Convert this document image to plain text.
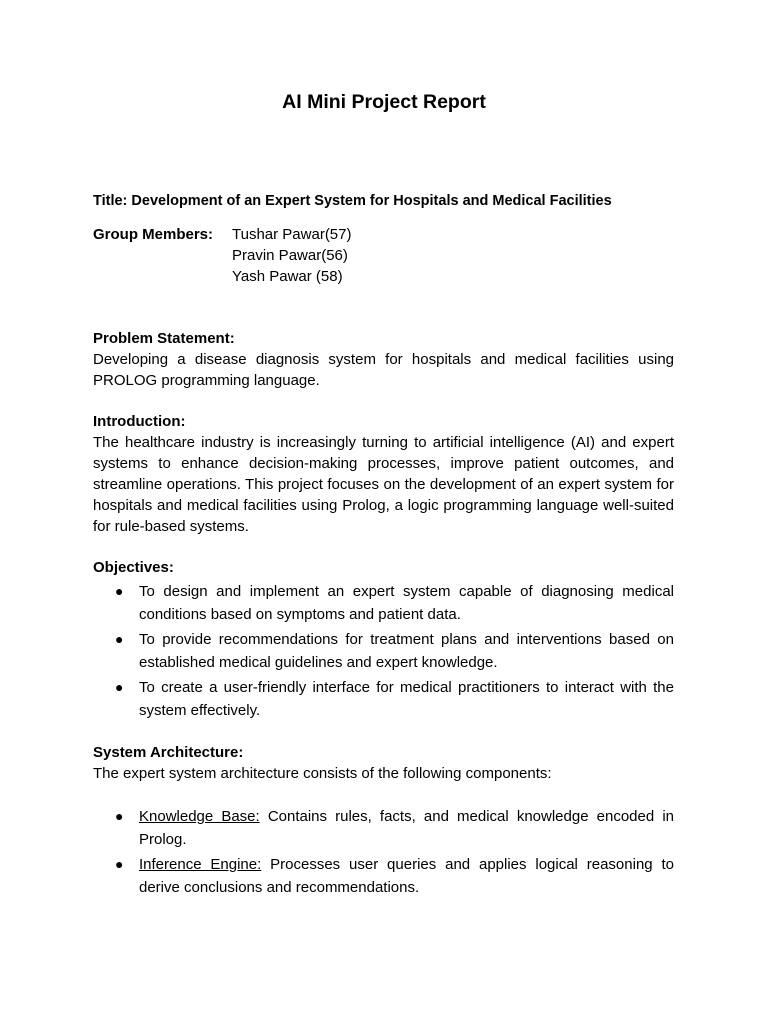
AI Mini Project Report

Title: Development of an Expert System for Hospitals and Medical Facilities

Group Members:	Tushar Pawar(57)
Pravin Pawar(56)
Yash Pawar (58)

Problem Statement:

Developing a disease diagnosis system for hospitals and medical facilities using PROLOG programming language.

Introduction:

The healthcare industry is increasingly turning to artificial intelligence (AI) and expert systems to enhance decision-making processes, improve patient outcomes, and streamline operations. This project focuses on the development of an expert system for hospitals and medical facilities using Prolog, a logic programming language well-suited for rule-based systems.

Objectives:

●	To design and implement an expert system capable of diagnosing medical conditions based on symptoms and patient data.
●	To provide recommendations for treatment plans and interventions based on established medical guidelines and expert knowledge.
●	To create a user-friendly interface for medical practitioners to interact with the system effectively.

System Architecture:

The expert system architecture consists of the following components:

●	Knowledge Base: Contains rules, facts, and medical knowledge encoded in Prolog.
●	Inference Engine: Processes user queries and applies logical reasoning to derive conclusions and recommendations.
